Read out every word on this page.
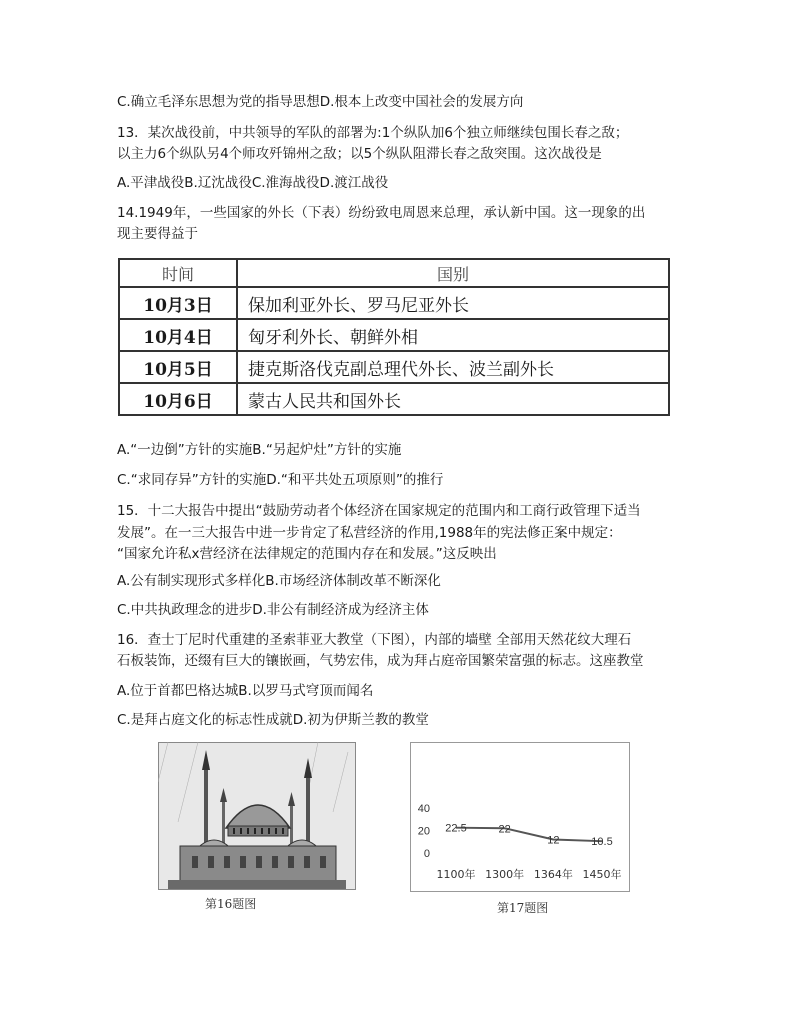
C.确立毛泽东思想为党的指导思想D.根本上改变中国社会的发展方向
13．某次战役前，中共领导的军队的部署为:1个纵队加6个独立师继续包围长春之敌；
以主力6个纵队另4个师攻歼锦州之敌；以5个纵队阻滞长春之敌突围。这次战役是
A.平津战役B.辽沈战役C.淮海战役D.渡江战役
14.1949年，一些国家的外长（下表）纷纷致电周恩来总理，承认新中国。这一现象的出
现主要得益于
时间	国别
10月3日	保加利亚外长、罗马尼亚外长
10月4日	匈牙利外长、朝鲜外相
10月5日	捷克斯洛伐克副总理代外长、波兰副外长
10月6日	蒙古人民共和国外长
A.“一边倒”方针的实施B.“另起炉灶”方针的实施
C.“求同存异”方针的实施D.“和平共处五项原则”的推行
15．十二大报告中提出“鼓励劳动者个体经济在国家规定的范围内和工商行政管理下适当
发展”。在一三大报告中进一步肯定了私营经济的作用,1988年的宪法修正案中规定：
“国家允许私x营经济在法律规定的范围内存在和发展。”这反映出
A.公有制实现形式多样化B.市场经济体制改革不断深化
C.中共执政理念的进步D.非公有制经济成为经济主体
16．查士丁尼时代重建的圣索菲亚大教堂（下图），内部的墙壁 全部用天然花纹大理石
石板装饰，还缀有巨大的镶嵌画，气势宏伟，成为拜占庭帝国繁荣富强的标志。这座教堂
A.位于首都巴格达城B.以罗马式穹顶而闻名
C.是拜占庭文化的标志性成就D.初为伊斯兰教的教堂
第16题图
40
20
0
22.5	22
12	10.5
1100年 1300年 1364年 1450年
第17题图
